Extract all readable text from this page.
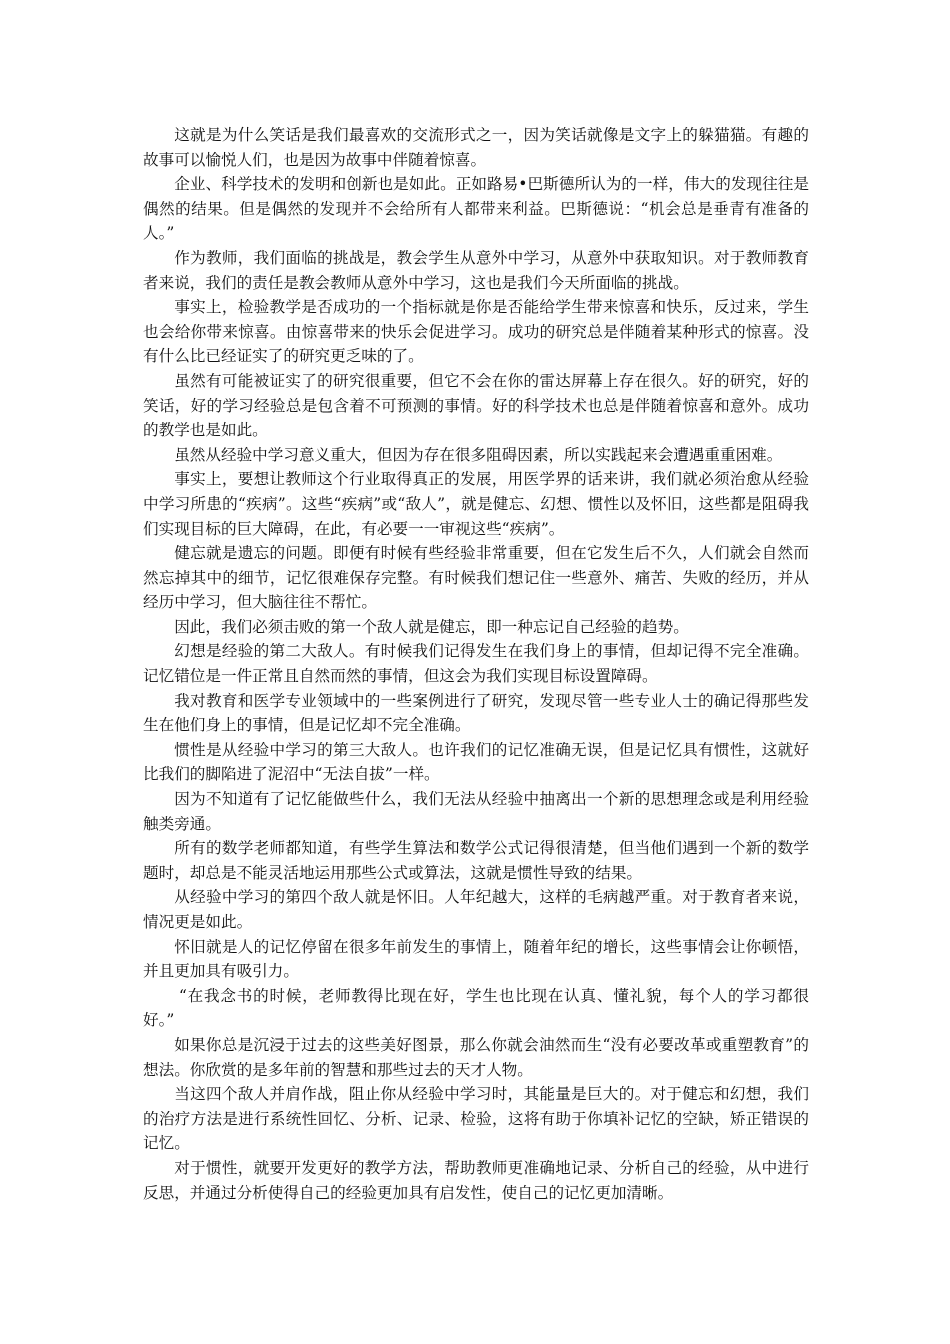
这就是为什么笑话是我们最喜欢的交流形式之一，因为笑话就像是文字上的躲猫猫。有趣的故事可以愉悦人们，也是因为故事中伴随着惊喜。

企业、科学技术的发明和创新也是如此。正如路易•巴斯德所认为的一样，伟大的发现往往是偶然的结果。但是偶然的发现并不会给所有人都带来利益。巴斯德说：“机会总是垂青有准备的人。”

作为教师，我们面临的挑战是，教会学生从意外中学习，从意外中获取知识。对于教师教育者来说，我们的责任是教会教师从意外中学习，这也是我们今天所面临的挑战。

事实上，检验教学是否成功的一个指标就是你是否能给学生带来惊喜和快乐，反过来，学生也会给你带来惊喜。由惊喜带来的快乐会促进学习。成功的研究总是伴随着某种形式的惊喜。没有什么比已经证实了的研究更乏味的了。

虽然有可能被证实了的研究很重要，但它不会在你的雷达屏幕上存在很久。好的研究，好的笑话，好的学习经验总是包含着不可预测的事情。好的科学技术也总是伴随着惊喜和意外。成功的教学也是如此。

虽然从经验中学习意义重大，但因为存在很多阻碍因素，所以实践起来会遭遇重重困难。

事实上，要想让教师这个行业取得真正的发展，用医学界的话来讲，我们就必须治愈从经验中学习所患的“疾病”。这些“疾病”或“敌人”，就是健忘、幻想、惯性以及怀旧，这些都是阻碍我们实现目标的巨大障碍，在此，有必要一一审视这些“疾病”。

健忘就是遗忘的问题。即便有时候有些经验非常重要，但在它发生后不久，人们就会自然而然忘掉其中的细节，记忆很难保存完整。有时候我们想记住一些意外、痛苦、失败的经历，并从经历中学习，但大脑往往不帮忙。

因此，我们必须击败的第一个敌人就是健忘，即一种忘记自己经验的趋势。

幻想是经验的第二大敌人。有时候我们记得发生在我们身上的事情，但却记得不完全准确。记忆错位是一件正常且自然而然的事情，但这会为我们实现目标设置障碍。

我对教育和医学专业领域中的一些案例进行了研究，发现尽管一些专业人士的确记得那些发生在他们身上的事情，但是记忆却不完全准确。

惯性是从经验中学习的第三大敌人。也许我们的记忆准确无误，但是记忆具有惯性，这就好比我们的脚陷进了泥沼中“无法自拔”一样。

因为不知道有了记忆能做些什么，我们无法从经验中抽离出一个新的思想理念或是利用经验触类旁通。

所有的数学老师都知道，有些学生算法和数学公式记得很清楚，但当他们遇到一个新的数学题时，却总是不能灵活地运用那些公式或算法，这就是惯性导致的结果。

从经验中学习的第四个敌人就是怀旧。人年纪越大，这样的毛病越严重。对于教育者来说，情况更是如此。

怀旧就是人的记忆停留在很多年前发生的事情上，随着年纪的增长，这些事情会让你顿悟，并且更加具有吸引力。

“在我念书的时候，老师教得比现在好，学生也比现在认真、懂礼貌，每个人的学习都很好。”

如果你总是沉浸于过去的这些美好图景，那么你就会油然而生“没有必要改革或重塑教育”的想法。你欣赏的是多年前的智慧和那些过去的天才人物。

当这四个敌人并肩作战，阻止你从经验中学习时，其能量是巨大的。对于健忘和幻想，我们的治疗方法是进行系统性回忆、分析、记录、检验，这将有助于你填补记忆的空缺，矫正错误的记忆。

对于惯性，就要开发更好的教学方法，帮助教师更准确地记录、分析自己的经验，从中进行反思，并通过分析使得自己的经验更加具有启发性，使自己的记忆更加清晰。
